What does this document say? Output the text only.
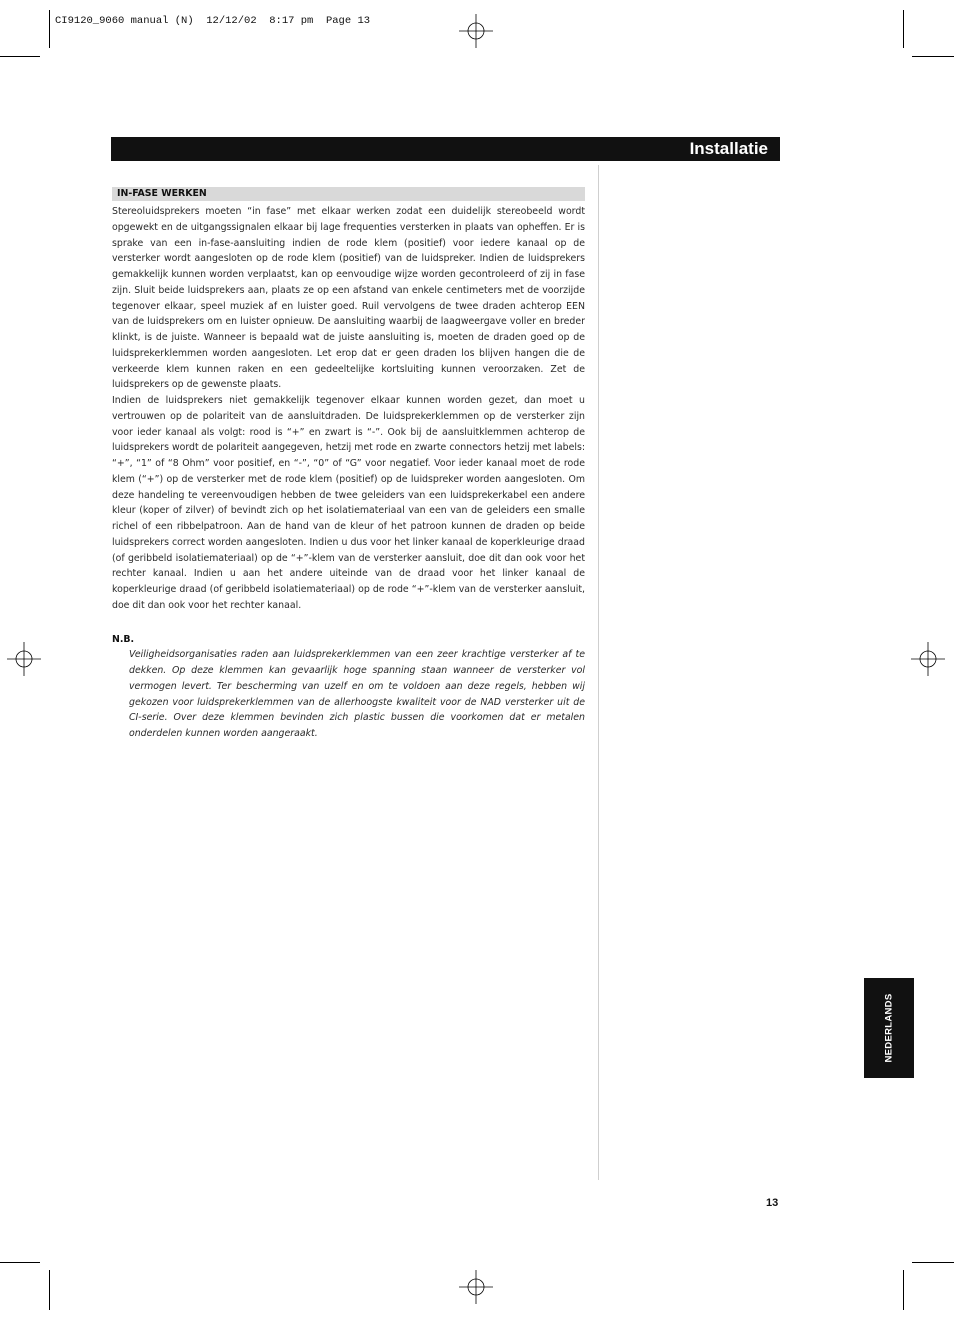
CI9120_9060 manual (N)  12/12/02  8:17 pm  Page 13
Installatie
IN-FASE WERKEN

Stereoluidsprekers moeten “in fase” met elkaar werken zodat een duidelijk stereobeeld wordt opgewekt en de uitgangssignalen elkaar bij lage frequenties versterken in plaats van opheffen. Er is sprake van een in-fase-aansluiting indien de rode klem (positief) voor iedere kanaal op de versterker wordt aangesloten op de rode klem (positief) van de luidspreker. Indien de luidsprekers gemakkelijk kunnen worden verplaatst, kan op eenvoudige wijze worden gecontroleerd of zij in fase zijn. Sluit beide luidsprekers aan, plaats ze op een afstand van enkele centimeters met de voorzijde tegenover elkaar, speel muziek af en luister goed. Ruil vervolgens de twee draden achterop EEN van de luidsprekers om en luister opnieuw. De aansluiting waarbij de laagweergave voller en breder klinkt, is de juiste. Wanneer is bepaald wat de juiste aansluiting is, moeten de draden goed op de luidsprekerklemmen worden aangesloten. Let erop dat er geen draden los blijven hangen die de verkeerde klem kunnen raken en een gedeeltelijke kortsluiting kunnen veroorzaken. Zet de luidsprekers op de gewenste plaats.

Indien de luidsprekers niet gemakkelijk tegenover elkaar kunnen worden gezet, dan moet u vertrouwen op de polariteit van de aansluitdraden. De luidsprekerklemmen op de versterker zijn voor ieder kanaal als volgt: rood is “+” en zwart is “-”. Ook bij de aansluitklemmen achterop de luidsprekers wordt de polariteit aangegeven, hetzij met rode en zwarte connectors hetzij met labels: “+”, “1” of “8 Ohm” voor positief, en “-”, “0” of “G” voor negatief. Voor ieder kanaal moet de rode klem (“+”) op de versterker met de rode klem (positief) op de luidspreker worden aangesloten. Om deze handeling te vereenvoudigen hebben de twee geleiders van een luidsprekerkabel een andere kleur (koper of zilver) of bevindt zich op het isolatiemateriaal van een van de geleiders een smalle richel of een ribbelpatroon. Aan de hand van de kleur of het patroon kunnen de draden op beide luidsprekers correct worden aangesloten. Indien u dus voor het linker kanaal de koperkleurige draad (of geribbeld isolatiemateriaal) op de “+”-klem van de versterker aansluit, doe dit dan ook voor het rechter kanaal. Indien u aan het andere uiteinde van de draad voor het linker kanaal de koperkleurige draad (of geribbeld isolatiemateriaal) op de rode “+”-klem van de versterker aansluit, doe dit dan ook voor het rechter kanaal.

N.B.

Veiligheidsorganisaties raden aan luidsprekerklemmen van een zeer krachtige versterker af te dekken. Op deze klemmen kan gevaarlijk hoge spanning staan wanneer de versterker vol vermogen levert. Ter bescherming van uzelf en om te voldoen aan deze regels, hebben wij gekozen voor luidsprekerklemmen van de allerhoogste kwaliteit voor de NAD versterker uit de CI-serie. Over deze klemmen bevinden zich plastic bussen die voorkomen dat er metalen onderdelen kunnen worden aangeraakt.

NEDERLANDS
13
